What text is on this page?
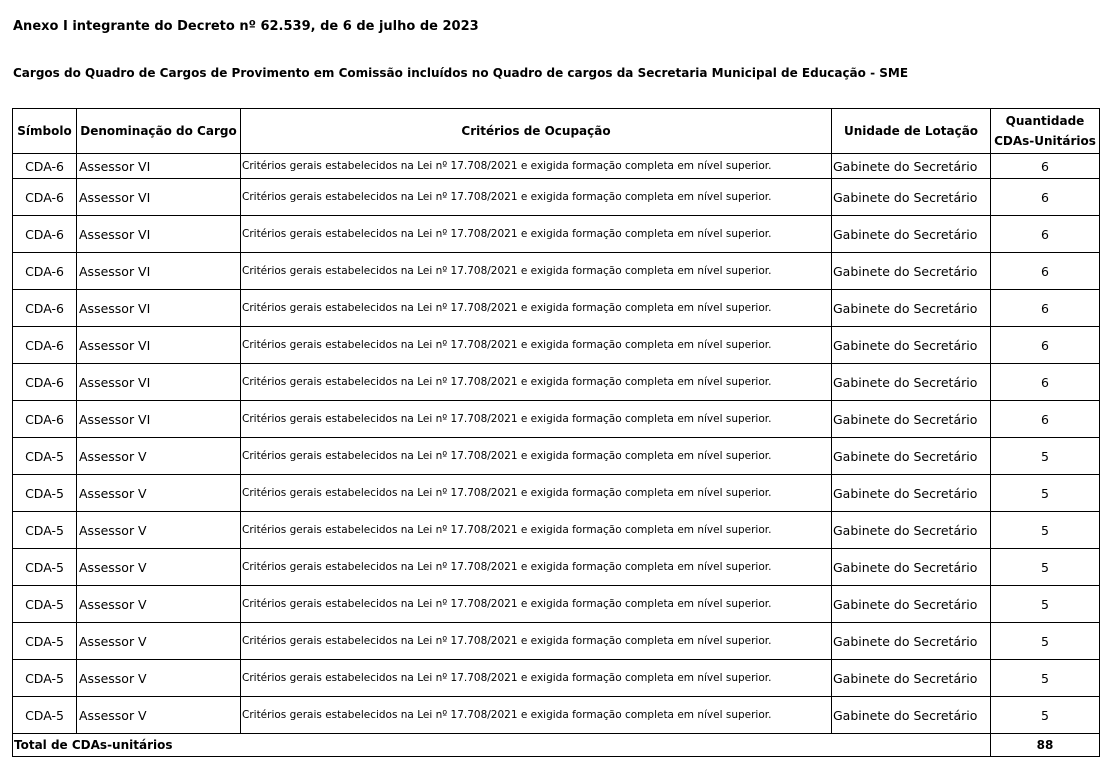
Anexo I integrante do Decreto nº 62.539, de 6 de julho de 2023
Cargos do Quadro de Cargos de Provimento em Comissão incluídos no Quadro de cargos da Secretaria Municipal de Educação - SME
Símbolo	Denominação do Cargo	Critérios de Ocupação	Unidade de Lotação	Quantidade
CDAs-Unitários

CDA-6	Assessor VI	Critérios gerais estabelecidos na Lei nº 17.708/2021 e exigida formação completa em nível superior.	Gabinete do Secretário	6
CDA-6	Assessor VI	Critérios gerais estabelecidos na Lei nº 17.708/2021 e exigida formação completa em nível superior.	Gabinete do Secretário	6
CDA-6	Assessor VI	Critérios gerais estabelecidos na Lei nº 17.708/2021 e exigida formação completa em nível superior.	Gabinete do Secretário	6
CDA-6	Assessor VI	Critérios gerais estabelecidos na Lei nº 17.708/2021 e exigida formação completa em nível superior.	Gabinete do Secretário	6
CDA-6	Assessor VI	Critérios gerais estabelecidos na Lei nº 17.708/2021 e exigida formação completa em nível superior.	Gabinete do Secretário	6
CDA-6	Assessor VI	Critérios gerais estabelecidos na Lei nº 17.708/2021 e exigida formação completa em nível superior.	Gabinete do Secretário	6
CDA-6	Assessor VI	Critérios gerais estabelecidos na Lei nº 17.708/2021 e exigida formação completa em nível superior.	Gabinete do Secretário	6
CDA-6	Assessor VI	Critérios gerais estabelecidos na Lei nº 17.708/2021 e exigida formação completa em nível superior.	Gabinete do Secretário	6
CDA-5	Assessor V	Critérios gerais estabelecidos na Lei nº 17.708/2021 e exigida formação completa em nível superior.	Gabinete do Secretário	5
CDA-5	Assessor V	Critérios gerais estabelecidos na Lei nº 17.708/2021 e exigida formação completa em nível superior.	Gabinete do Secretário	5
CDA-5	Assessor V	Critérios gerais estabelecidos na Lei nº 17.708/2021 e exigida formação completa em nível superior.	Gabinete do Secretário	5
CDA-5	Assessor V	Critérios gerais estabelecidos na Lei nº 17.708/2021 e exigida formação completa em nível superior.	Gabinete do Secretário	5
CDA-5	Assessor V	Critérios gerais estabelecidos na Lei nº 17.708/2021 e exigida formação completa em nível superior.	Gabinete do Secretário	5
CDA-5	Assessor V	Critérios gerais estabelecidos na Lei nº 17.708/2021 e exigida formação completa em nível superior.	Gabinete do Secretário	5
CDA-5	Assessor V	Critérios gerais estabelecidos na Lei nº 17.708/2021 e exigida formação completa em nível superior.	Gabinete do Secretário	5
CDA-5	Assessor V	Critérios gerais estabelecidos na Lei nº 17.708/2021 e exigida formação completa em nível superior.	Gabinete do Secretário	5
Total de CDAs-unitários				88
